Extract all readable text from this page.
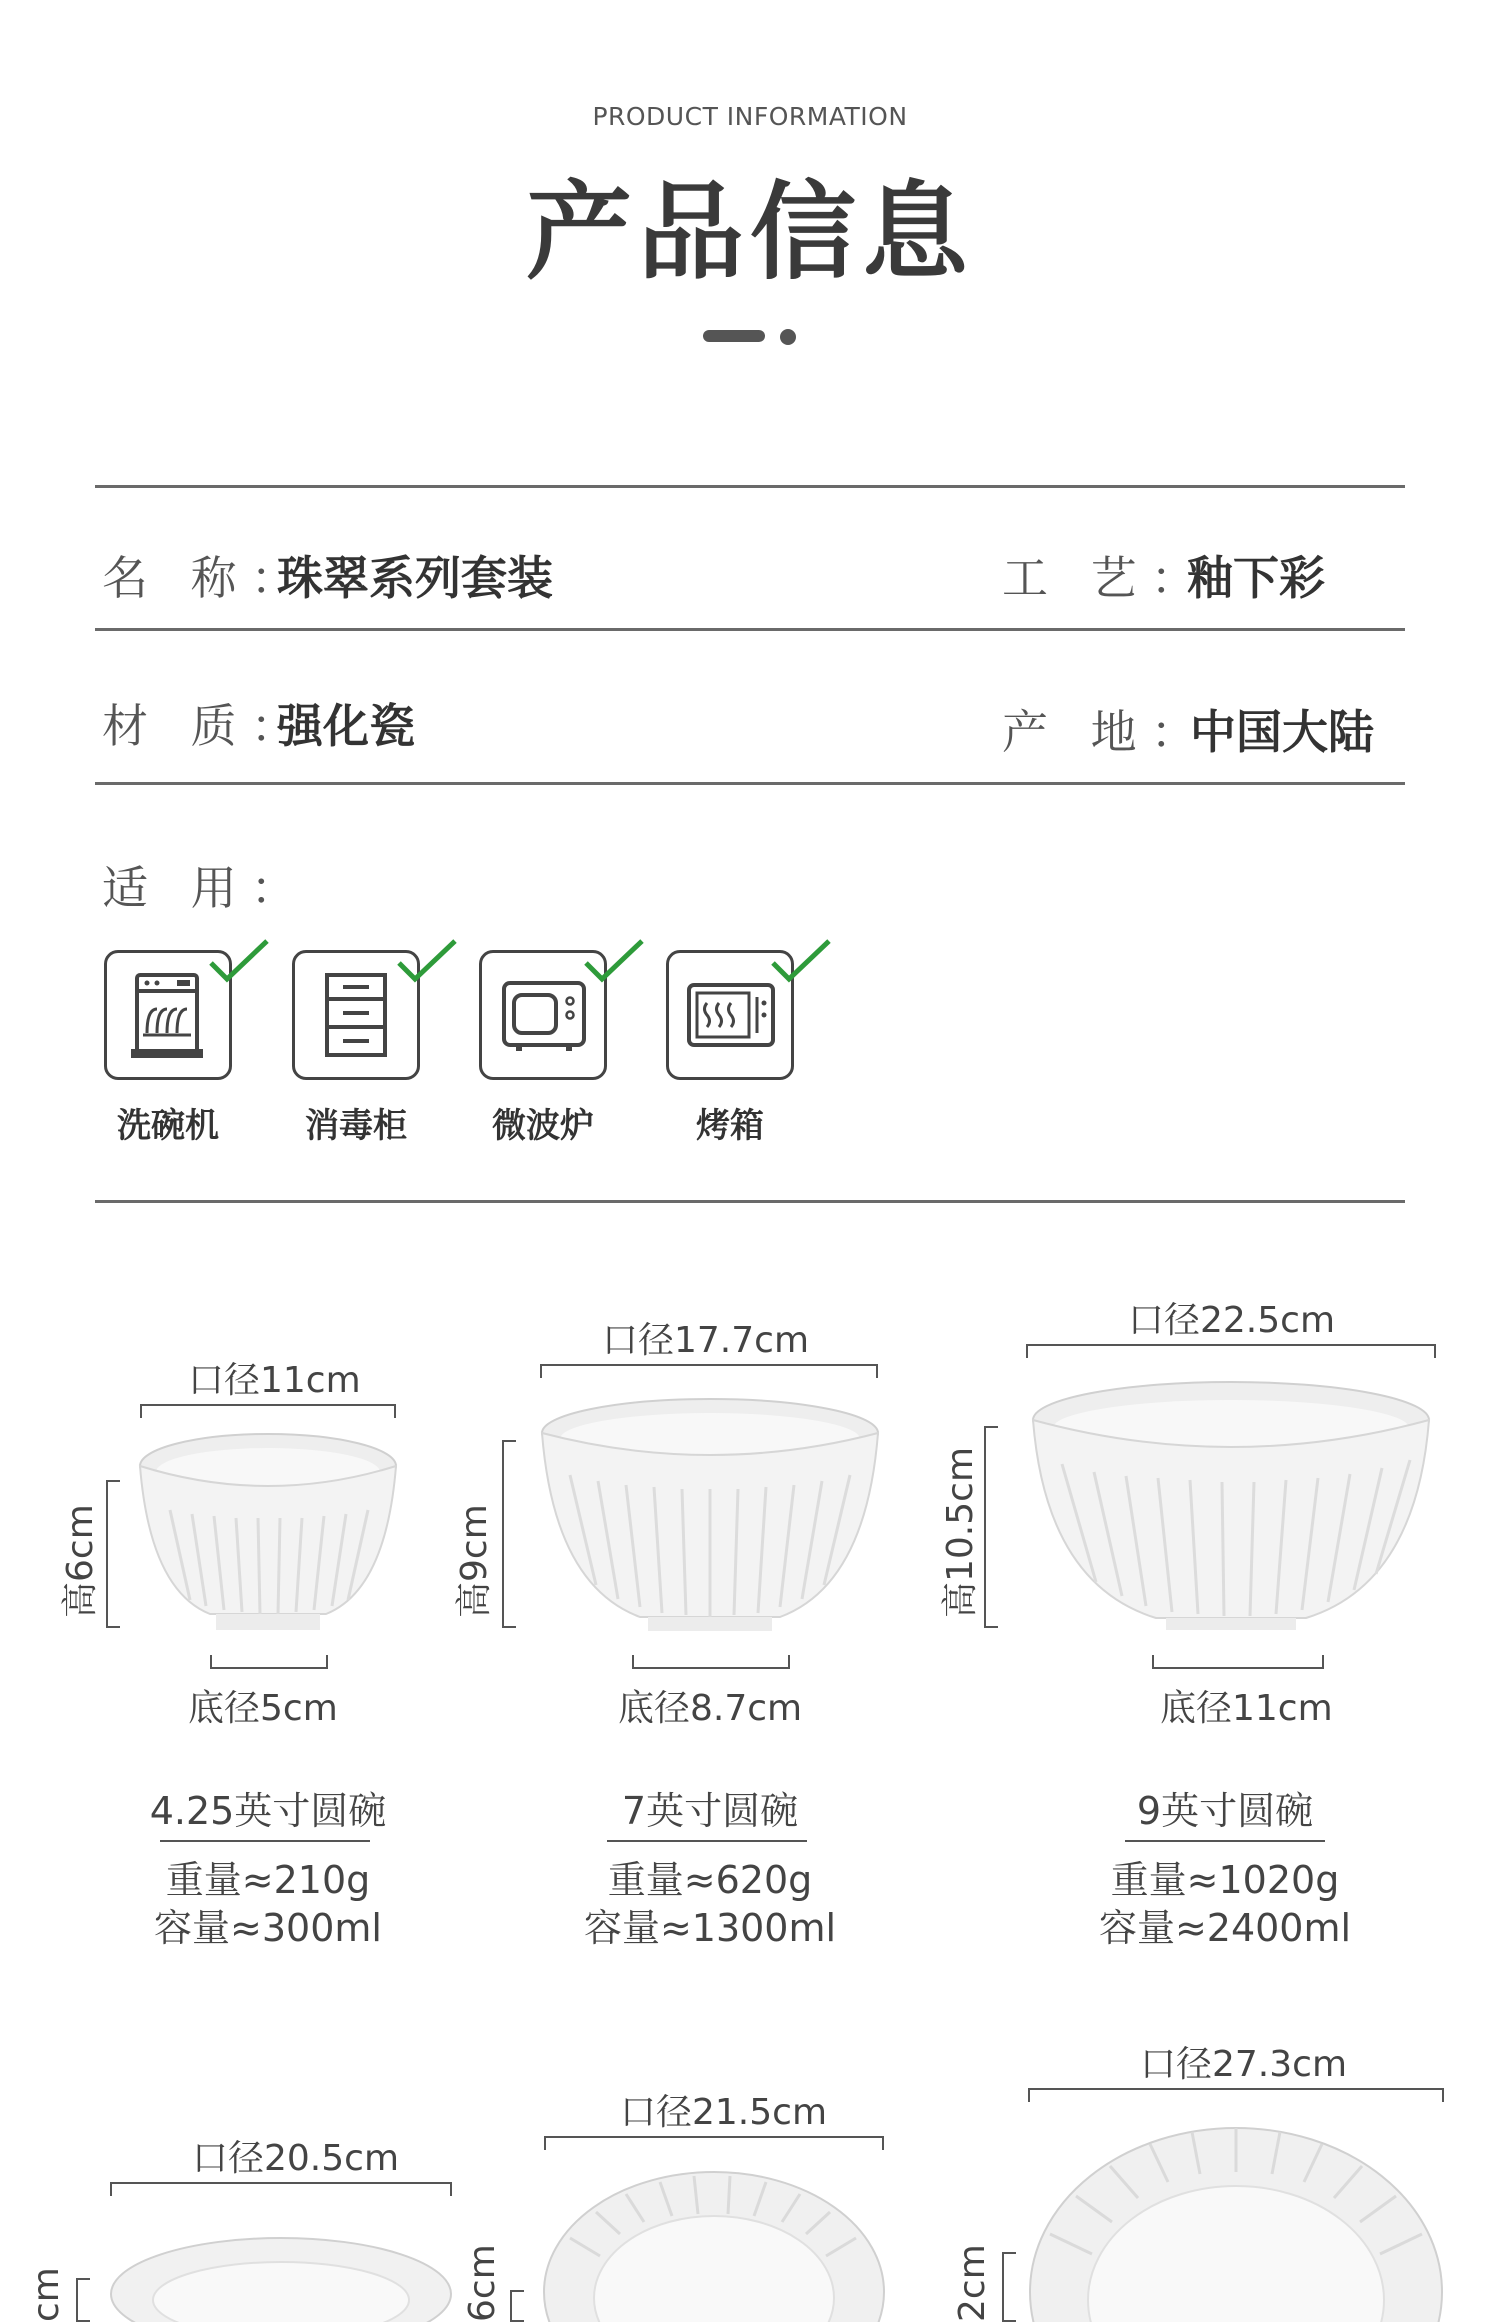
PRODUCT INFORMATION
产品信息
名 称：
珠翠系列套装	工 艺：
釉下彩
材 质：
强化瓷	产 地：
中国大陆
适 用：
洗碗机	消毒柜	微波炉	烤箱
口径11cm
高6cm
底径5cm
4.25英寸圆碗
重量≈210g
容量≈300ml
口径17.7cm
高9cm
底径8.7cm
7英寸圆碗
重量≈620g
容量≈1300ml
口径22.5cm
高10.5cm
底径11cm
9英寸圆碗
重量≈1020g
容量≈2400ml
口径20.5cm
cm
口径21.5cm
6cm
口径27.3cm
2cm
